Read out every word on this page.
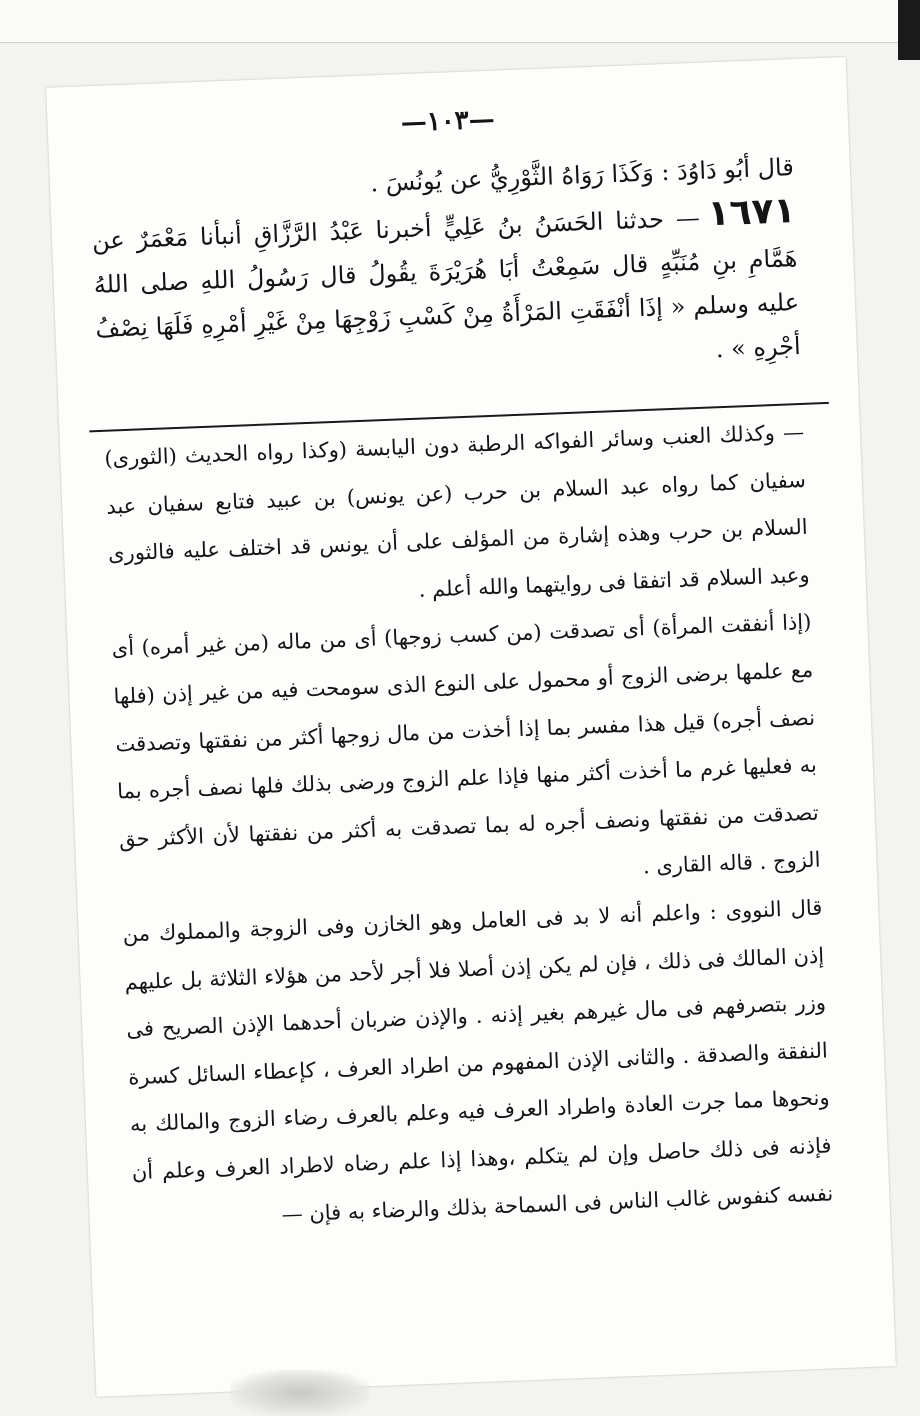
—١٠٣—

قال أبُو دَاوُدَ : وَكَذَا رَوَاهُ الثَّوْرِيُّ عن يُونُسَ .

١٦٧١— حدثنا الحَسَنُ بنُ عَلِيٍّ أخبرنا عَبْدُ الرَّزَّاقِ أنبأنا مَعْمَرٌ عن هَمَّامِ بنِ مُنَبِّهٍ قال سَمِعْتُ أبَا هُرَيْرَةَ يقُولُ قال رَسُولُ اللهِ صلى اللهُ عليه وسلم « إذَا أنْفَقَتِ المَرْأَةُ مِنْ كَسْبِ زَوْجِهَا مِنْ غَيْرِ أمْرِهِ فَلَهَا نِصْفُ أجْرِهِ » .

— وكذلك العنب وسائر الفواكه الرطبة دون اليابسة (وكذا رواه الحديث (الثورى) سفيان كما رواه عبد السلام بن حرب (عن يونس) بن عبيد فتابع سفيان عبد السلام بن حرب وهذه إشارة من المؤلف على أن يونس قد اختلف عليه فالثورى وعبد السلام قد اتفقا فى روايتهما والله أعلم .

(إذا أنفقت المرأة) أى تصدقت (من كسب زوجها) أى من ماله (من غير أمره) أى مع علمها برضى الزوج أو محمول على النوع الذى سومحت فيه من غير إذن (فلها نصف أجره) قيل هذا مفسر بما إذا أخذت من مال زوجها أكثر من نفقتها وتصدقت به فعليها غرم ما أخذت أكثر منها فإذا علم الزوج ورضى بذلك فلها نصف أجره بما تصدقت من نفقتها ونصف أجره له بما تصدقت به أكثر من نفقتها لأن الأكثر حق الزوج . قاله القارى .

قال النووى : واعلم أنه لا بد فى العامل وهو الخازن وفى الزوجة والمملوك من إذن المالك فى ذلك ، فإن لم يكن إذن أصلا فلا أجر لأحد من هؤلاء الثلاثة بل عليهم وزر بتصرفهم فى مال غيرهم بغير إذنه . والإذن ضربان أحدهما الإذن الصريح فى النفقة والصدقة . والثانى الإذن المفهوم من اطراد العرف ، كإعطاء السائل كسرة ونحوها مما جرت العادة واطراد العرف فيه وعلم بالعرف رضاء الزوج والمالك به فإذنه فى ذلك حاصل وإن لم يتكلم ،وهذا إذا علم رضاه لاطراد العرف وعلم أن نفسه كنفوس غالب الناس فى السماحة بذلك والرضاء به فإن —
